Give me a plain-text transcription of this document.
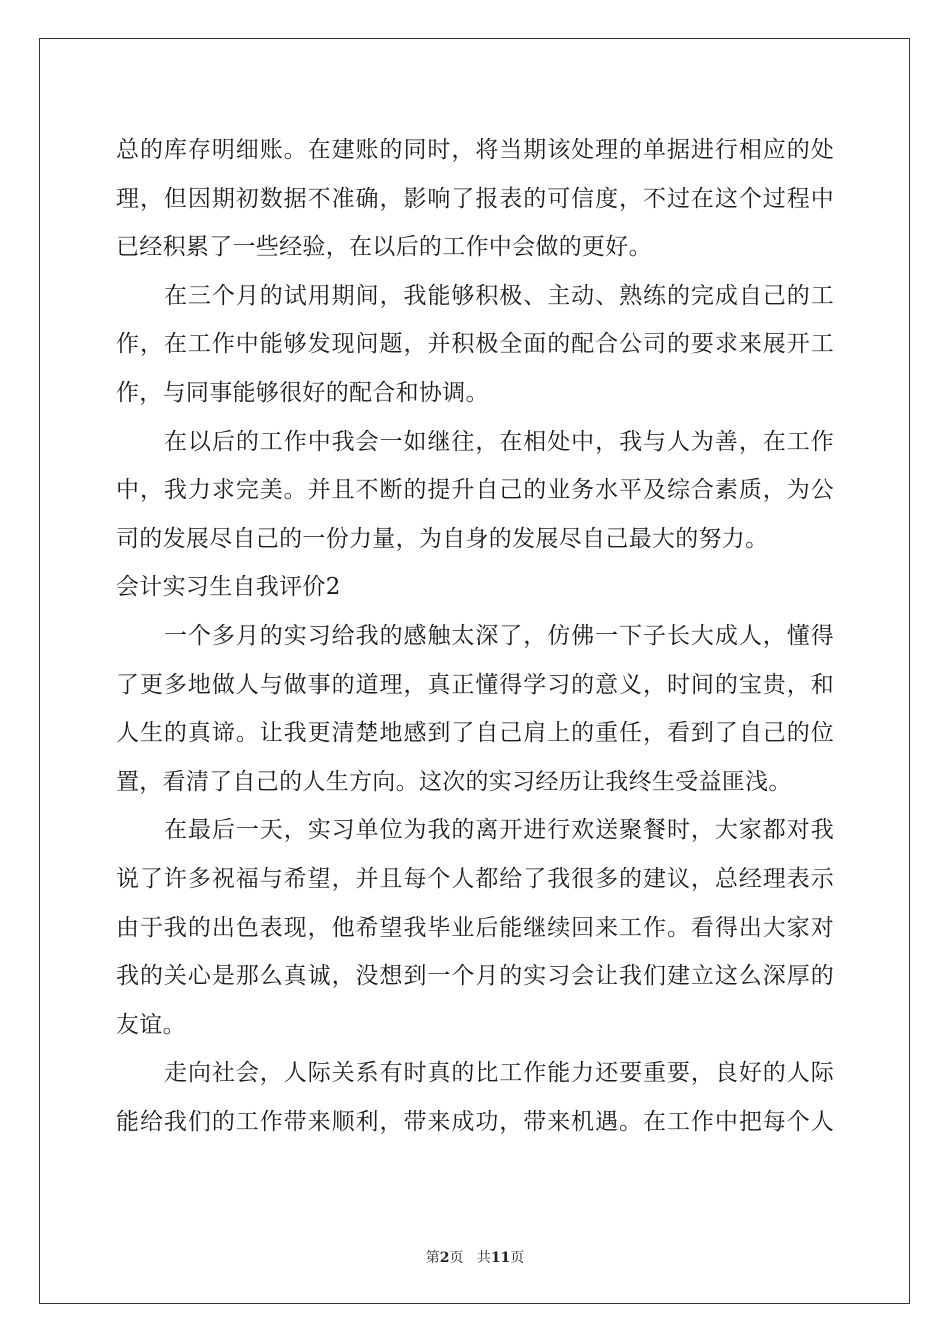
总的库存明细账。在建账的同时，将当期该处理的单据进行相应的处
理，但因期初数据不准确，影响了报表的可信度，不过在这个过程中
已经积累了一些经验，在以后的工作中会做的更好。
在三个月的试用期间，我能够积极、主动、熟练的完成自己的工
作，在工作中能够发现问题，并积极全面的配合公司的要求来展开工
作，与同事能够很好的配合和协调。
在以后的工作中我会一如继往，在相处中，我与人为善，在工作
中，我力求完美。并且不断的提升自己的业务水平及综合素质，为公
司的发展尽自己的一份力量，为自身的发展尽自己最大的努力。
会计实习生自我评价2
一个多月的实习给我的感触太深了，仿佛一下子长大成人，懂得
了更多地做人与做事的道理，真正懂得学习的意义，时间的宝贵，和
人生的真谛。让我更清楚地感到了自己肩上的重任，看到了自己的位
置，看清了自己的人生方向。这次的实习经历让我终生受益匪浅。
在最后一天，实习单位为我的离开进行欢送聚餐时，大家都对我
说了许多祝福与希望，并且每个人都给了我很多的建议，总经理表示
由于我的出色表现，他希望我毕业后能继续回来工作。看得出大家对
我的关心是那么真诚，没想到一个月的实习会让我们建立这么深厚的
友谊。
走向社会，人际关系有时真的比工作能力还要重要，良好的人际
能给我们的工作带来顺利，带来成功，带来机遇。在工作中把每个人
第2页 共11页
